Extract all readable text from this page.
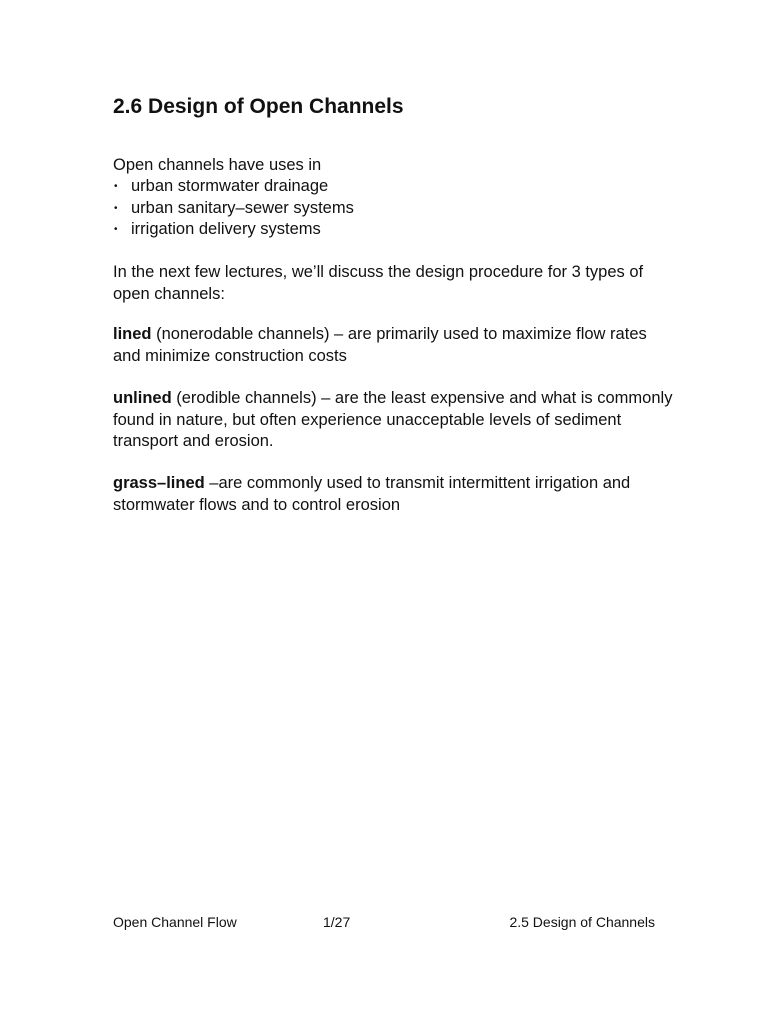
2.6 Design of Open Channels

Open channels have uses in

• urban stormwater drainage
• urban sanitary–sewer systems
• irrigation delivery systems

In the next few lectures, we’ll discuss the design procedure for 3 types of open channels:

lined (nonerodable channels) – are primarily used to maximize flow rates and minimize construction costs

unlined (erodible channels) – are the least expensive and what is commonly found in nature, but often experience unacceptable levels of sediment transport and erosion.

grass–lined –are commonly used to transmit intermittent irrigation and stormwater flows and to control erosion

Open Channel Flow	1/27	2.5 Design of Channels
